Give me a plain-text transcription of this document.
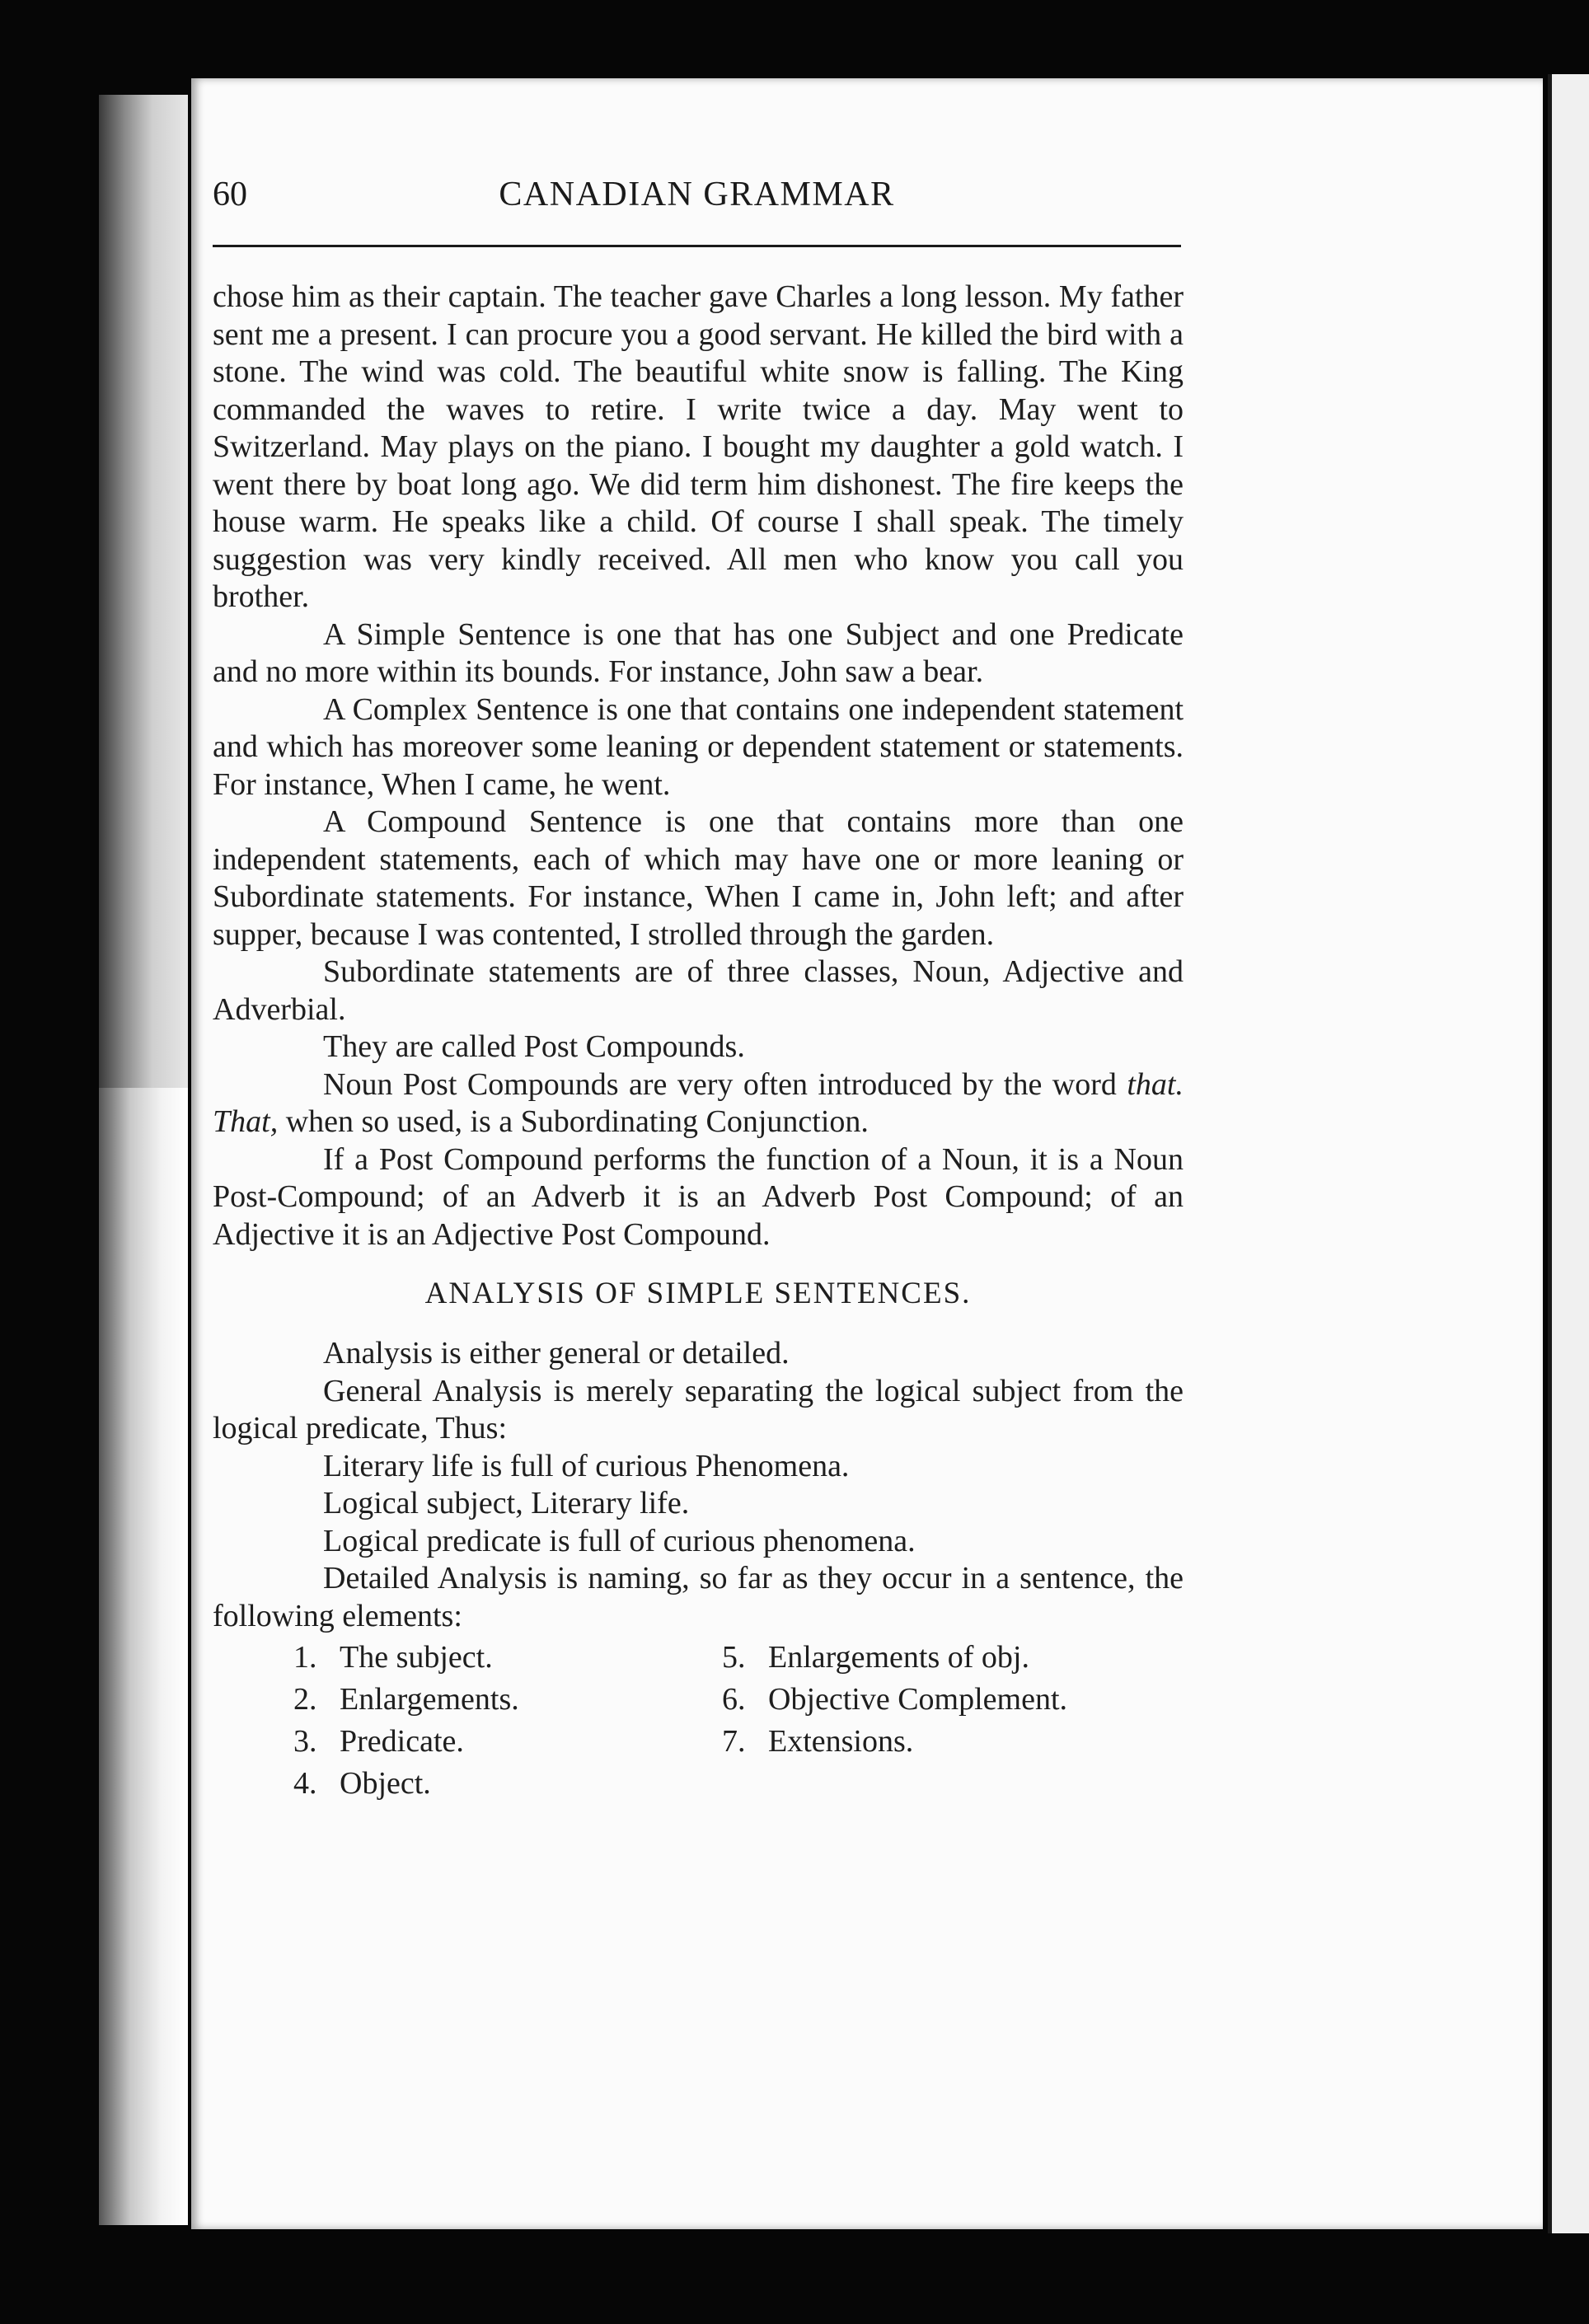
60	CANADIAN GRAMMAR

chose him as their captain. The teacher gave Charles a long lesson. My father sent me a present. I can procure you a good servant. He killed the bird with a stone. The wind was cold. The beautiful white snow is falling. The King commanded the waves to retire. I write twice a day. May went to Switzerland. May plays on the piano. I bought my daughter a gold watch. I went there by boat long ago. We did term him dishonest. The fire keeps the house warm. He speaks like a child. Of course I shall speak. The timely suggestion was very kindly received. All men who know you call you brother.

A Simple Sentence is one that has one Subject and one Predicate and no more within its bounds. For instance, John saw a bear.

A Complex Sentence is one that contains one independent statement and which has moreover some leaning or dependent statement or statements. For instance, When I came, he went.

A Compound Sentence is one that contains more than one independent statements, each of which may have one or more leaning or Subordinate statements. For instance, When I came in, John left; and after supper, because I was contented, I strolled through the garden.

Subordinate statements are of three classes, Noun, Adjective and Adverbial.

They are called Post Compounds.

Noun Post Compounds are very often introduced by the word that. That, when so used, is a Subordinating Conjunction.

If a Post Compound performs the function of a Noun, it is a Noun Post-Compound; of an Adverb it is an Adverb Post Compound; of an Adjective it is an Adjective Post Compound.

ANALYSIS OF SIMPLE SENTENCES.

Analysis is either general or detailed.

General Analysis is merely separating the logical subject from the logical predicate, Thus:

Literary life is full of curious Phenomena.

Logical subject, Literary life.

Logical predicate is full of curious phenomena.

Detailed Analysis is naming, so far as they occur in a sentence, the following elements:

1. The subject.
2. Enlargements.
3. Predicate.
4. Object.
5. Enlargements of obj.
6. Objective Complement.
7. Extensions.
